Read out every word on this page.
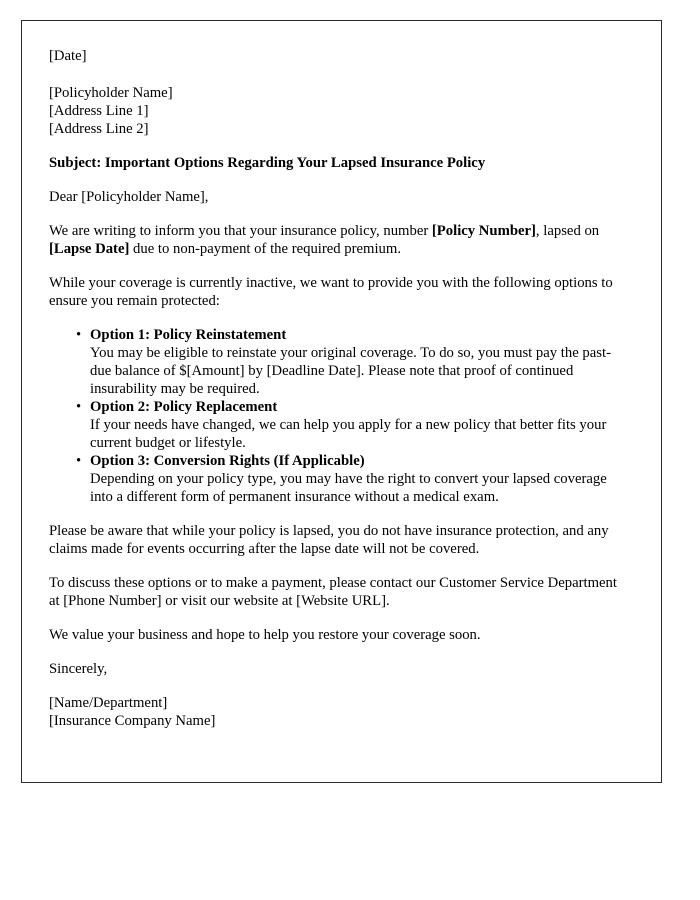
[Date]

[Policyholder Name]
[Address Line 1]
[Address Line 2]

Subject: Important Options Regarding Your Lapsed Insurance Policy

Dear [Policyholder Name],

We are writing to inform you that your insurance policy, number [Policy Number], lapsed on [Lapse Date] due to non-payment of the required premium.

While your coverage is currently inactive, we want to provide you with the following options to ensure you remain protected:

• Option 1: Policy Reinstatement
You may be eligible to reinstate your original coverage. To do so, you must pay the past-due balance of $[Amount] by [Deadline Date]. Please note that proof of continued insurability may be required.
• Option 2: Policy Replacement
If your needs have changed, we can help you apply for a new policy that better fits your current budget or lifestyle.
• Option 3: Conversion Rights (If Applicable)
Depending on your policy type, you may have the right to convert your lapsed coverage into a different form of permanent insurance without a medical exam.

Please be aware that while your policy is lapsed, you do not have insurance protection, and any claims made for events occurring after the lapse date will not be covered.

To discuss these options or to make a payment, please contact our Customer Service Department at [Phone Number] or visit our website at [Website URL].

We value your business and hope to help you restore your coverage soon.

Sincerely,

[Name/Department]
[Insurance Company Name]
